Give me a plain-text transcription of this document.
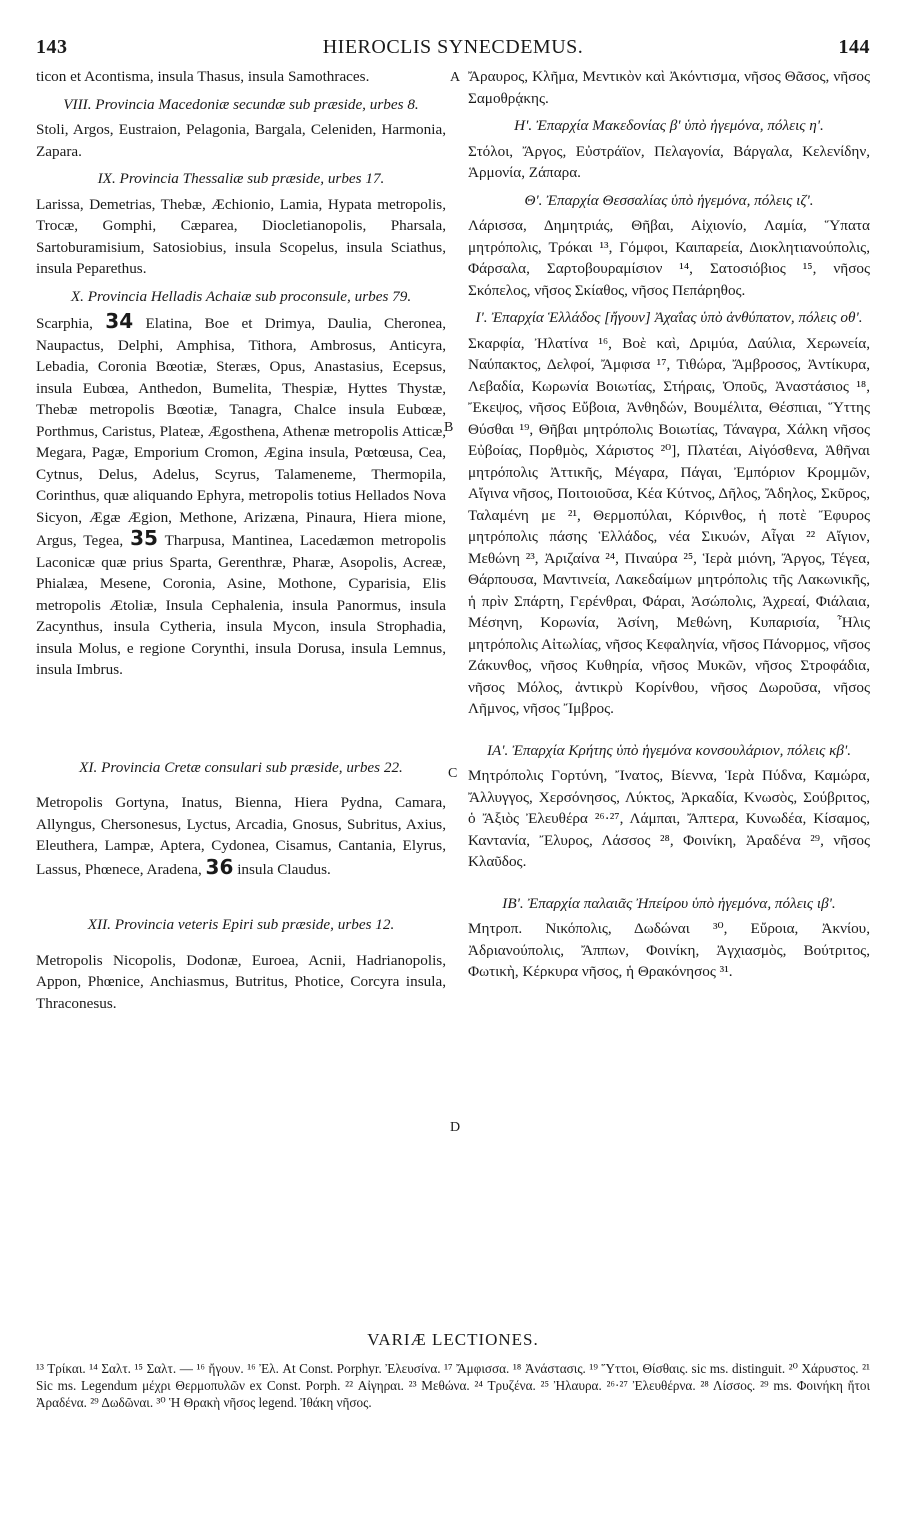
143	HIEROCLIS SYNECDEMUS.	144

ticon et Acontisma, insula Thasus, insula Samothraces.

VIII. Provincia Macedoniæ secundæ sub præside, urbes 8.

Stoli, Argos, Eustraion, Pelagonia, Bargala, Celeniden, Harmonia, Zapara.

IX. Provincia Thessaliæ sub præside, urbes 17.

Larissa, Demetrias, Thebæ, Æchionio, Lamia, Hypata metropolis, Trocæ, Gomphi, Cæparea, Diocletianopolis, Pharsala, Sartoburamisium, Satosiobius, insula Scopelus, insula Sciathus, insula Peparethus.

X. Provincia Helladis Achaiæ sub proconsule, urbes 79.

Scarphia, 34 Elatina, Boe et Drimya, Daulia, Cheronea, Naupactus, Delphi, Amphisa, Tithora, Ambrosus, Anticyra, Lebadia, Coronia Bœotiæ, Steræs, Opus, Anastasius, Ecepsus, insula Eubœa, Anthedon, Bumelita, Thespiæ, Hyttes Thystæ, Thebæ metropolis Bœotiæ, Tanagra, Chalce insula Eubœæ, Porthmus, Caristus, Plateæ, Ægosthena, Athenæ metropolis Atticæ, Megara, Pagæ, Emporium Cromon, Ægina insula, Pœtœusa, Cea, Cytnus, Delus, Adelus, Scyrus, Talameneme, Thermopila, Corinthus, quæ aliquando Ephyra, metropolis totius Hellados Nova Sicyon, Ægæ Ægion, Methone, Arizæna, Pinaura, Hiera mione, Argus, Tegea, 35 Tharpusa, Mantinea, Lacedæmon metropolis Laconicæ quæ prius Sparta, Gerenthræ, Pharæ, Asopolis, Acreæ, Phialæa, Mesene, Coronia, Asine, Mothone, Cyparisia, Elis metropolis Ætoliæ, Insula Cephalenia, insula Panormus, insula Zacynthus, insula Cytheria, insula Mycon, insula Strophadia, insula Molus, e regione Corynthi, insula Dorusa, insula Lemnus, insula Imbrus.

XI. Provincia Cretæ consulari sub præside, urbes 22.

Metropolis Gortyna, Inatus, Bienna, Hiera Pydna, Camara, Allyngus, Chersonesus, Lyctus, Arcadia, Gnosus, Subritus, Axius, Eleuthera, Lampæ, Aptera, Cydonea, Cisamus, Cantania, Elyrus, Lassus, Phœnece, Aradena, 36 insula Claudus.

XII. Provincia veteris Epiri sub præside, urbes 12.

Metropolis Nicopolis, Dodonæ, Euroea, Acnii, Hadrianopolis, Appon, Phœnice, Anchiasmus, Butritus, Photice, Corcyra insula, Thraconesus.

A
B
C
D

Ἄραυρος, Κλῆμα, Μεντικὸν καὶ Ἀκόντισμα, νῆσος Θᾶσος, νῆσος Σαμοθρᾴκης.

Η'. Ἐπαρχία Μακεδονίας β' ὑπὸ ἡγεμόνα, πόλεις η'.

Στόλοι, Ἄργος, Εὐστράϊον, Πελαγονία, Βάργαλα, Κελενίδην, Ἁρμονία, Ζάπαρα.

Θ'. Ἐπαρχία Θεσσαλίας ὑπὸ ἡγεμόνα, πόλεις ιζ'.

Λάρισσα, Δημητριάς, Θῆβαι, Αἰχιονίο, Λαμία, Ὕπατα μητρόπολις, Τρόκαι ¹³, Γόμφοι, Καιπαρεία, Διοκλητιανούπολις, Φάρσαλα, Σαρτοβουραμίσιον ¹⁴, Σατοσιόβιος ¹⁵, νῆσος Σκόπελος, νῆσος Σκίαθος, νῆσος Πεπάρηθος.

Ι'. Ἐπαρχία Ἑλλάδος [ἤγουν] Ἀχαΐας ὑπὸ ἀνθύπατον, πόλεις οθ'.

Σκαρφία, Ἠλατίνα ¹⁶, Βοὲ καὶ, Δριμύα, Δαύλια, Χερωνεία, Ναύπακτος, Δελφοί, Ἄμφισα ¹⁷, Τιθώρα, Ἄμβροσος, Ἀντίκυρα, Λεβαδία, Κωρωνία Βοιωτίας, Στήραις, Ὀποῦς, Ἀναστάσιος ¹⁸, Ἔκεψος, νῆσος Εὔβοια, Ἀνθηδών, Βουμέλιτα, Θέσπιαι, Ὕττης Θύσθαι ¹⁹, Θῆβαι μητρόπολις Βοιωτίας, Τάναγρα, Χάλκη νῆσος Εὐβοίας, Πορθμὸς, Χάριστος ²⁰], Πλατέαι, Αἰγόσθενα, Ἀθῆναι μητρόπολις Ἀττικῆς, Μέγαρα, Πάγαι, Ἐμπόριον Κρομμῶν, Αἴγινα νῆσος, Ποιτοιοῦσα, Κέα Κύτνος, Δῆλος, Ἄδηλος, Σκῦρος, Ταλαμένη με ²¹, Θερμοπύλαι, Κόρινθος, ἡ ποτὲ Ἔφυρος μητρόπολις πάσης Ἑλλάδος, νέα Σικυών, Αἶγαι ²² Αἴγιον, Μεθώνη ²³, Ἀριζαίνα ²⁴, Πιναύρα ²⁵, Ἱερὰ μιόνη, Ἄργος, Τέγεα, Θάρπουσα, Μαντινεία, Λακεδαίμων μητρόπολις τῆς Λακωνικῆς, ἡ πρὶν Σπάρτη, Γερένθραι, Φάραι, Ἀσώπολις, Ἀχρεαί, Φιάλαια, Μέσηνη, Κορωνία, Ἀσίνη, Μεθώνη, Κυπαρισία, Ἦλις μητρόπολις Αἰτωλίας, νῆσος Κεφαληνία, νῆσος Πάνορμος, νῆσος Ζάκυνθος, νῆσος Κυθηρία, νῆσος Μυκῶν, νῆσος Στροφάδια, νῆσος Μόλος, ἀντικρὺ Κορίνθου, νῆσος Δωροῦσα, νῆσος Λῆμνος, νῆσος Ἴμβρος.

ΙΑ'. Ἐπαρχία Κρήτης ὑπὸ ἡγεμόνα κονσουλάριον, πόλεις κβ'.

Μητρόπολις Γορτύνη, Ἴνατος, Βίεννα, Ἱερὰ Πύδνα, Καμώρα, Ἄλλυγγος, Χερσόνησος, Λύκτος, Ἀρκαδία, Κνωσὸς, Σούβριτος, ὁ Ἄξιὸς Ἐλευθέρα ²⁶·²⁷, Λάμπαι, Ἄπτερα, Κυνωδέα, Κίσαμος, Καντανία, Ἔλυρος, Λάσσος ²⁸, Φοινίκη, Ἀραδένα ²⁹, νῆσος Κλαῦδος.

ΙΒ'. Ἐπαρχία παλαιᾶς Ἠπείρου ὑπὸ ἡγεμόνα, πόλεις ιβ'.

Μητροπ. Νικόπολις, Δωδώναι ³⁰, Εὔροια, Ἀκνίου, Ἀδριανούπολις, Ἄππων, Φοινίκη, Ἀγχιασμὸς, Βούτριτος, Φωτικὴ, Κέρκυρα νῆσος, ἡ Θρακόνησος ³¹.

VARIÆ LECTIONES.

¹³ Τρίκαι. ¹⁴ Σαλτ. ¹⁵ Σαλτ. — ¹⁶ ἤγουν. ¹⁶ Ἐλ. At Const. Porphyr. Ἐλευσίνα. ¹⁷ Ἄμφισσα. ¹⁸ Ἀνάστασις. ¹⁹ Ὕττοι, Θίσθαις. sic ms. distinguit. ²⁰ Χάρυστος. ²¹ Sic ms. Legendum μέχρι Θερμοπυλῶν ex Const. Porph. ²² Αἰγηραι. ²³ Μεθώνα. ²⁴ Τρυζένα. ²⁵ Ἠλαυρα. ²⁶·²⁷ Ἐλευθέρνα. ²⁸ Λίσσος. ²⁹ ms. Φοινήκη ἤτοι Ἀραδένα. ²⁹ Δωδῶναι. ³⁰ Ἡ Θρακὴ νῆσος legend. Ἰθάκη νῆσος.
